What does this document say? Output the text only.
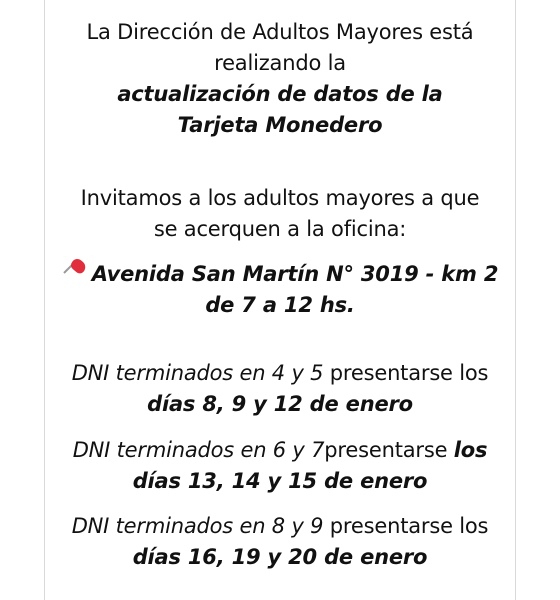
La Dirección de Adultos Mayores está
realizando la
actualización de datos de la
Tarjeta Monedero

Invitamos a los adultos mayores a que
se acerquen a la oficina:

Avenida San Martín N° 3019 - km 2
de 7 a 12 hs.

DNI terminados en 4 y 5 presentarse los
días 8, 9 y 12 de enero

DNI terminados en 6 y 7presentarse los
días 13, 14 y 15 de enero

DNI terminados en 8 y 9 presentarse los
días 16, 19 y 20 de enero
